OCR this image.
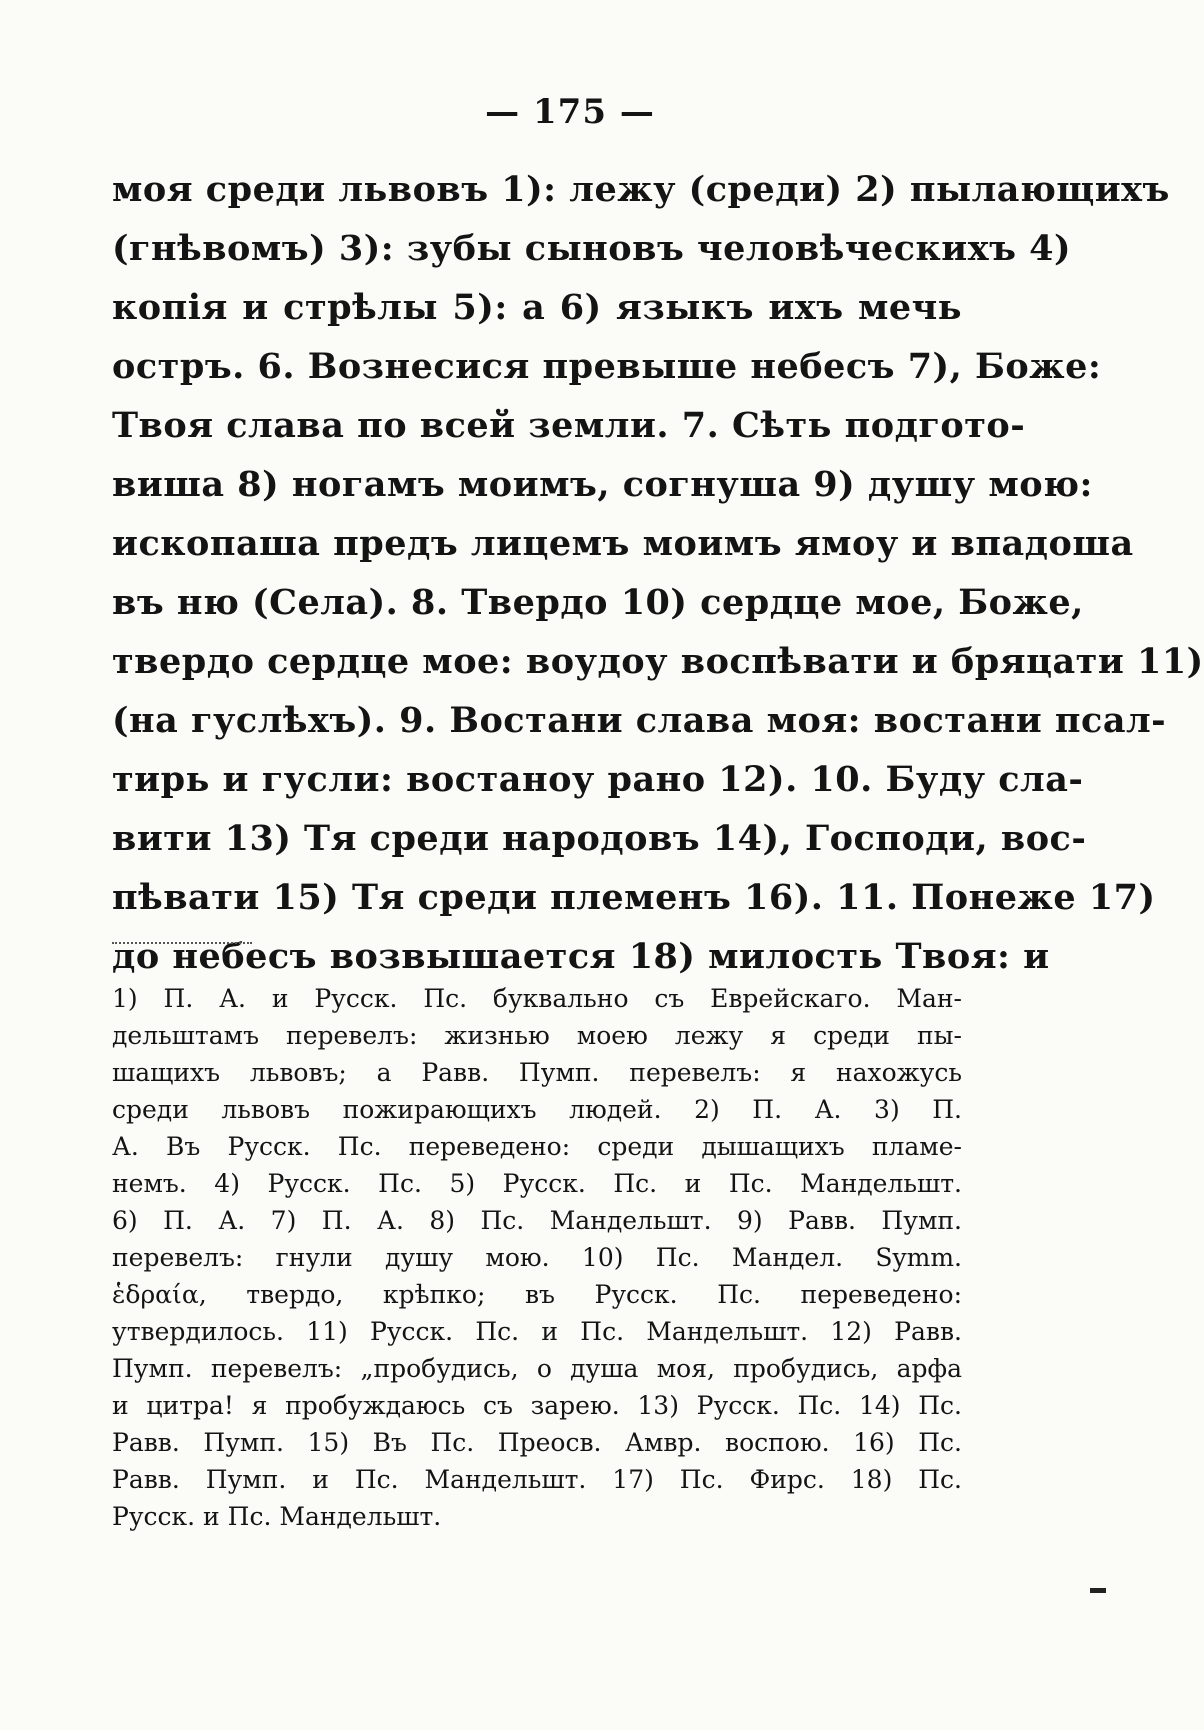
— 175 —
моя среди львовъ 1): лежу (среди) 2) пылающихъ
(гнѣвомъ) 3): зубы сыновъ человѣческихъ 4)
копія и стрѣлы 5): а 6) языкъ ихъ мечь
остръ. 6. Вознесися превыше небесъ 7), Боже:
Твоя слава по всей земли. 7. Сѣть подгото-
виша 8) ногамъ моимъ, согнуша 9) душу мою:
ископаша предъ лицемъ моимъ ямоу и впадоша
въ ню (Села). 8. Твердо 10) сердце мое, Боже,
твердо сердце мое: воудоу воспѣвати и бряцати 11)
(на гуслѣхъ). 9. Востани слава моя: востани псал-
тирь и гусли: востаноу рано 12). 10. Буду сла-
вити 13) Тя среди народовъ 14), Господи, вос-
пѣвати 15) Тя среди племенъ 16). 11. Понеже 17)
до небесъ возвышается 18) милость Твоя: и
1) П. А. и Русск. Пс. буквально съ Еврейскаго. Ман-
дельштамъ перевелъ: жизнью моею лежу я среди пы-
шащихъ львовъ; а Равв. Пумп. перевелъ: я нахожусь
среди львовъ пожирающихъ людей. 2) П. А. 3) П.
А. Въ Русск. Пс. переведено: среди дышащихъ пламе-
немъ. 4) Русск. Пс. 5) Русск. Пс. и Пс. Мандельшт.
6) П. А. 7) П. А. 8) Пс. Мандельшт. 9) Равв. Пумп.
перевелъ: гнули душу мою. 10) Пс. Мандел. Symm.
ἑδραία, твердо, крѣпко; въ Русск. Пс. переведено:
утвердилось. 11) Русск. Пс. и Пс. Мандельшт. 12) Равв.
Пумп. перевелъ: „пробудись, о душа моя, пробудись, арфа
и цитра! я пробуждаюсь съ зарею. 13) Русск. Пс. 14) Пс.
Равв. Пумп. 15) Въ Пс. Преосв. Амвр. воспою. 16) Пс.
Равв. Пумп. и Пс. Мандельшт. 17) Пс. Фирс. 18) Пс.
Русск. и Пс. Мандельшт.
